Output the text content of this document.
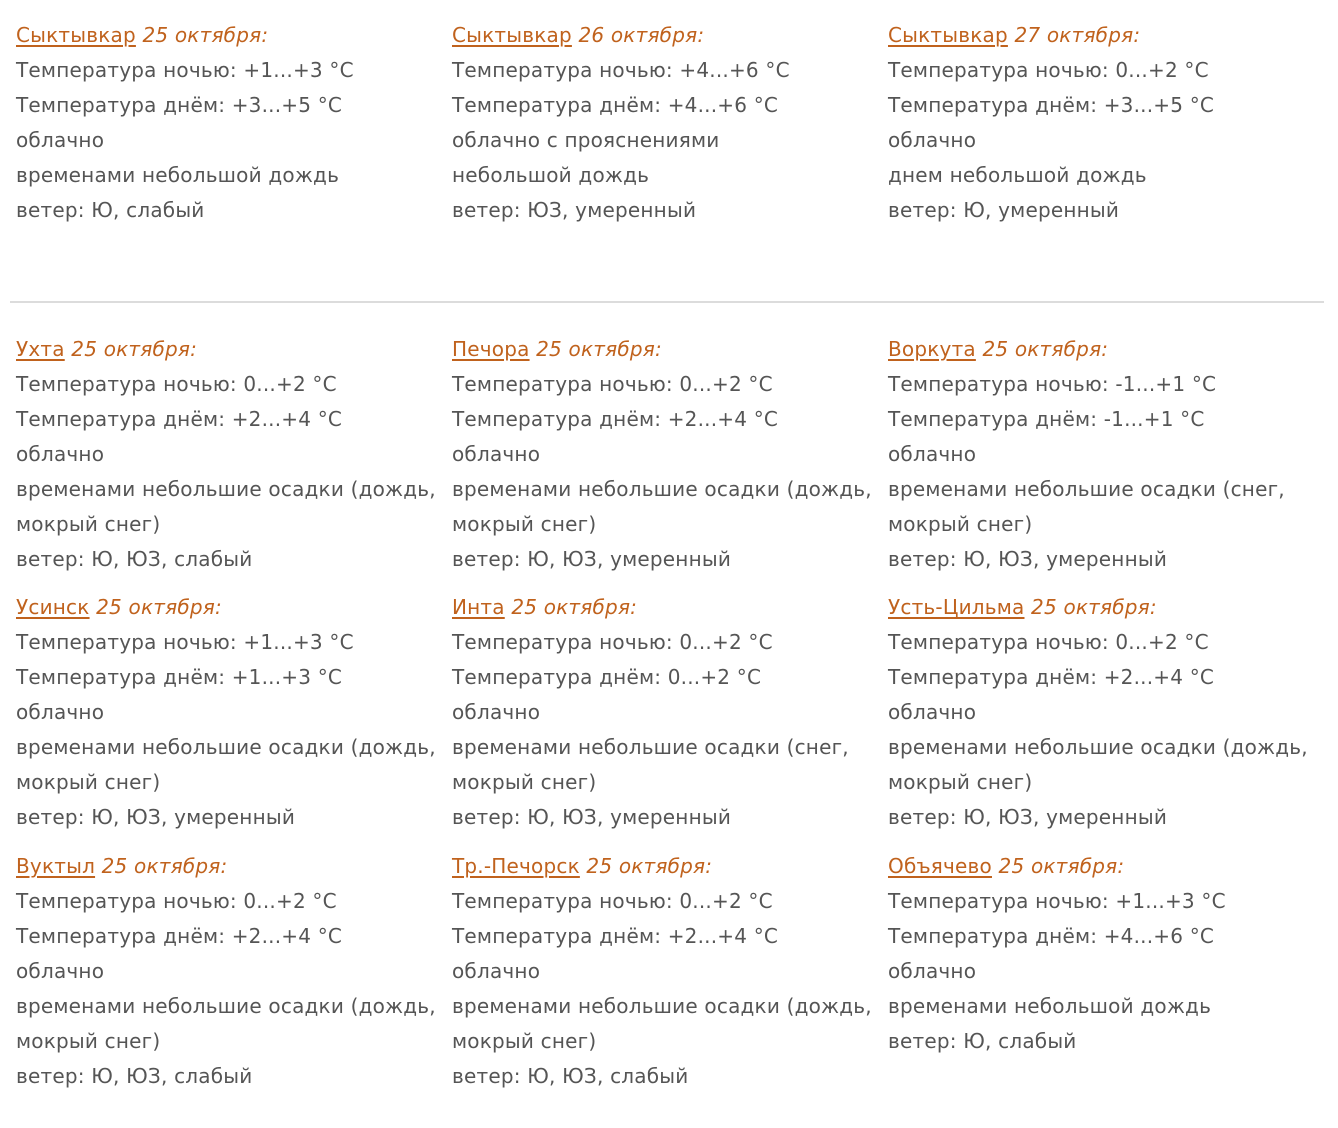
Сыктывкар 25 октября:
Температура ночью: +1...+3 °C
Температура днём: +3...+5 °C
облачно
временами небольшой дождь
ветер: Ю, слабый
Сыктывкар 26 октября:
Температура ночью: +4...+6 °C
Температура днём: +4...+6 °C
облачно с прояснениями
небольшой дождь
ветер: ЮЗ, умеренный
Сыктывкар 27 октября:
Температура ночью: 0...+2 °C
Температура днём: +3...+5 °C
облачно
днем небольшой дождь
ветер: Ю, умеренный
Ухта 25 октября:
Температура ночью: 0...+2 °C
Температура днём: +2...+4 °C
облачно
временами небольшие осадки (дождь,
мокрый снег)
ветер: Ю, ЮЗ, слабый
Печора 25 октября:
Температура ночью: 0...+2 °C
Температура днём: +2...+4 °C
облачно
временами небольшие осадки (дождь,
мокрый снег)
ветер: Ю, ЮЗ, умеренный
Воркута 25 октября:
Температура ночью: -1...+1 °C
Температура днём: -1...+1 °C
облачно
временами небольшие осадки (снег,
мокрый снег)
ветер: Ю, ЮЗ, умеренный
Усинск 25 октября:
Температура ночью: +1...+3 °C
Температура днём: +1...+3 °C
облачно
временами небольшие осадки (дождь,
мокрый снег)
ветер: Ю, ЮЗ, умеренный
Инта 25 октября:
Температура ночью: 0...+2 °C
Температура днём: 0...+2 °C
облачно
временами небольшие осадки (снег,
мокрый снег)
ветер: Ю, ЮЗ, умеренный
Усть-Цильма 25 октября:
Температура ночью: 0...+2 °C
Температура днём: +2...+4 °C
облачно
временами небольшие осадки (дождь,
мокрый снег)
ветер: Ю, ЮЗ, умеренный
Вуктыл 25 октября:
Температура ночью: 0...+2 °C
Температура днём: +2...+4 °C
облачно
временами небольшие осадки (дождь,
мокрый снег)
ветер: Ю, ЮЗ, слабый
Тр.-Печорск 25 октября:
Температура ночью: 0...+2 °C
Температура днём: +2...+4 °C
облачно
временами небольшие осадки (дождь,
мокрый снег)
ветер: Ю, ЮЗ, слабый
Объячево 25 октября:
Температура ночью: +1...+3 °C
Температура днём: +4...+6 °C
облачно
временами небольшой дождь
ветер: Ю, слабый
